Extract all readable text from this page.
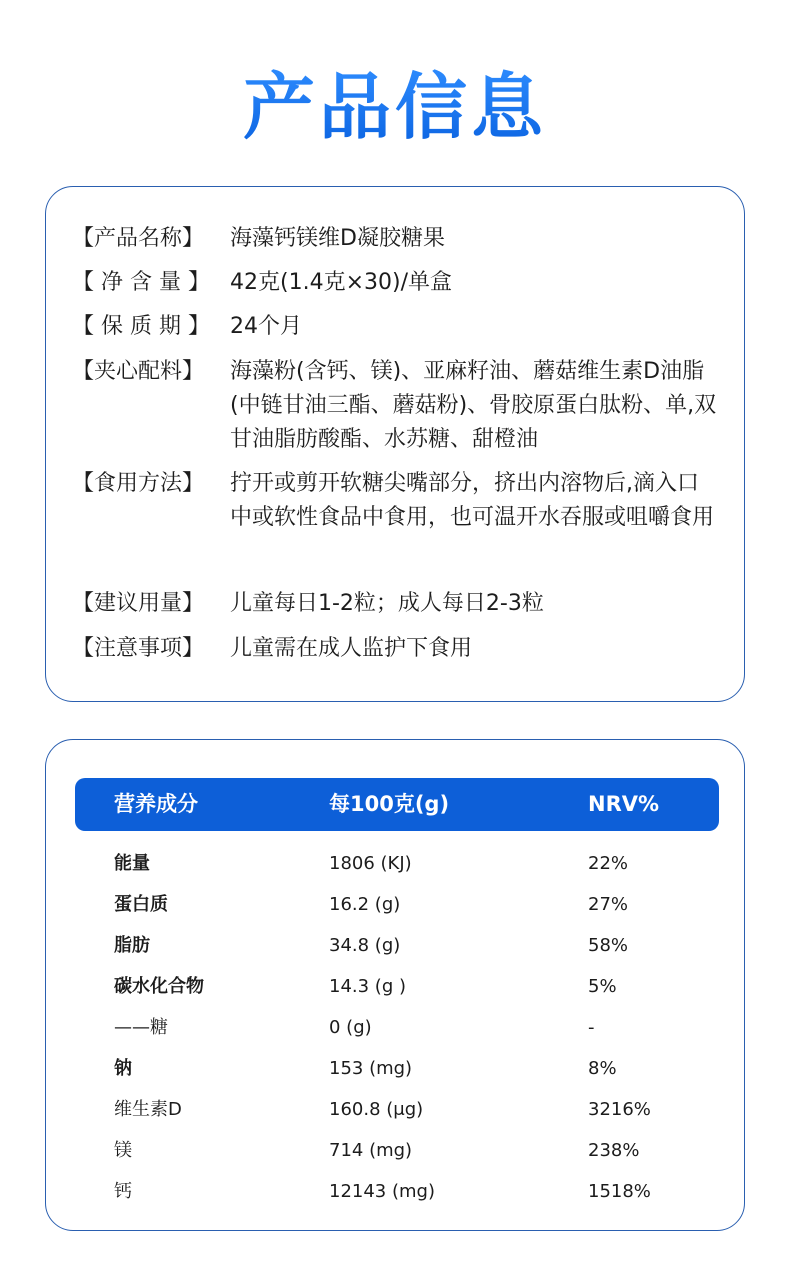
产品信息
【产品名称】	海藻钙镁维D凝胶糖果
【 净 含 量 】 42克(1.4克×30)/单盒
【 保 质 期 】 24个月
【夹心配料】	海藻粉(含钙、镁)、亚麻籽油、蘑菇维生素D油脂(中链甘油三酯、蘑菇粉)、骨胶原蛋白肽粉、单,双甘油脂肪酸酯、水苏糖、甜橙油
【食用方法】	拧开或剪开软糖尖嘴部分，挤出内溶物后,滴入口中或软性食品中食用，也可温开水吞服或咀嚼食用
【建议用量】	儿童每日1-2粒；成人每日2-3粒
【注意事项】	儿童需在成人监护下食用
营养成分	每100克(g)	NRV%
能量	1806 (KJ)	22%
蛋白质	16.2 (g)	27%
脂肪	34.8 (g)	58%
碳水化合物	14.3 (g )	5%
——糖	0 (g)	-
钠	153 (mg)	8%
维生素D	160.8 (μg)	3216%
镁	714 (mg)	238%
钙	12143 (mg)	1518%
